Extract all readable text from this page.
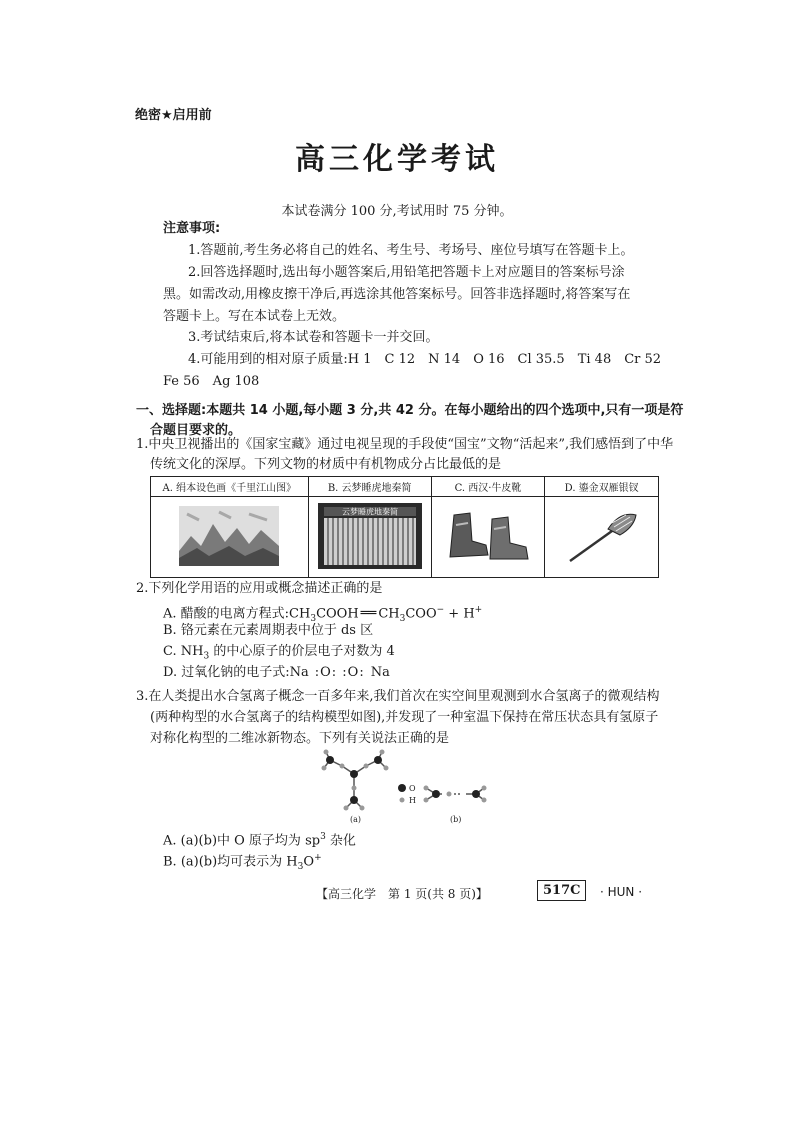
绝密★启用前
高三化学考试
本试卷满分 100 分,考试用时 75 分钟。
注意事项:
1.答题前,考生务必将自己的姓名、考生号、考场号、座位号填写在答题卡上。
2.回答选择题时,选出每小题答案后,用铅笔把答题卡上对应题目的答案标号涂
黑。如需改动,用橡皮擦干净后,再选涂其他答案标号。回答非选择题时,将答案写在
答题卡上。写在本试卷上无效。
3.考试结束后,将本试卷和答题卡一并交回。
4.可能用到的相对原子质量:H 1　C 12　N 14　O 16　Cl 35.5　Ti 48　Cr 52
Fe 56　Ag 108
一、选择题:本题共 14 小题,每小题 3 分,共 42 分。在每小题给出的四个选项中,只有一项是符
合题目要求的。
1.中央卫视播出的《国家宝藏》通过电视呈现的手段使“国宝”文物“活起来”,我们感悟到了中华
传统文化的深厚。下列文物的材质中有机物成分占比最低的是
A. 绢本设色画《千里江山图》	B. 云梦睡虎地秦简	C. 西汉·牛皮靴	D. 鎏金双雁银钗

云梦睡虎地秦简

2.下列化学用语的应用或概念描述正确的是
A. 醋酸的电离方程式$:CH_3COOH$ ══ $CH_3COO^- + H^+$
B. 铬元素在元素周期表中位于 ds 区
C. $NH_3$ 的中心原子的价层电子对数为 4
D. 过氧化钠的电子式:Na :O: :O: Na
3.在人类提出水合氢离子概念一百多年来,我们首次在实空间里观测到水合氢离子的微观结构
(两种构型的水合氢离子的结构模型如图),并发现了一种室温下保持在常压状态具有氢原子
对称化构型的二维冰新物态。下列有关说法正确的是
O
H
(a)	(b)
A. (a)(b)中 O 原子均为 $sp^3$ 杂化
B. (a)(b)均可表示为 $H_3O^+$
【高三化学　第 1 页(共 8 页)】	517C	· HUN ·
